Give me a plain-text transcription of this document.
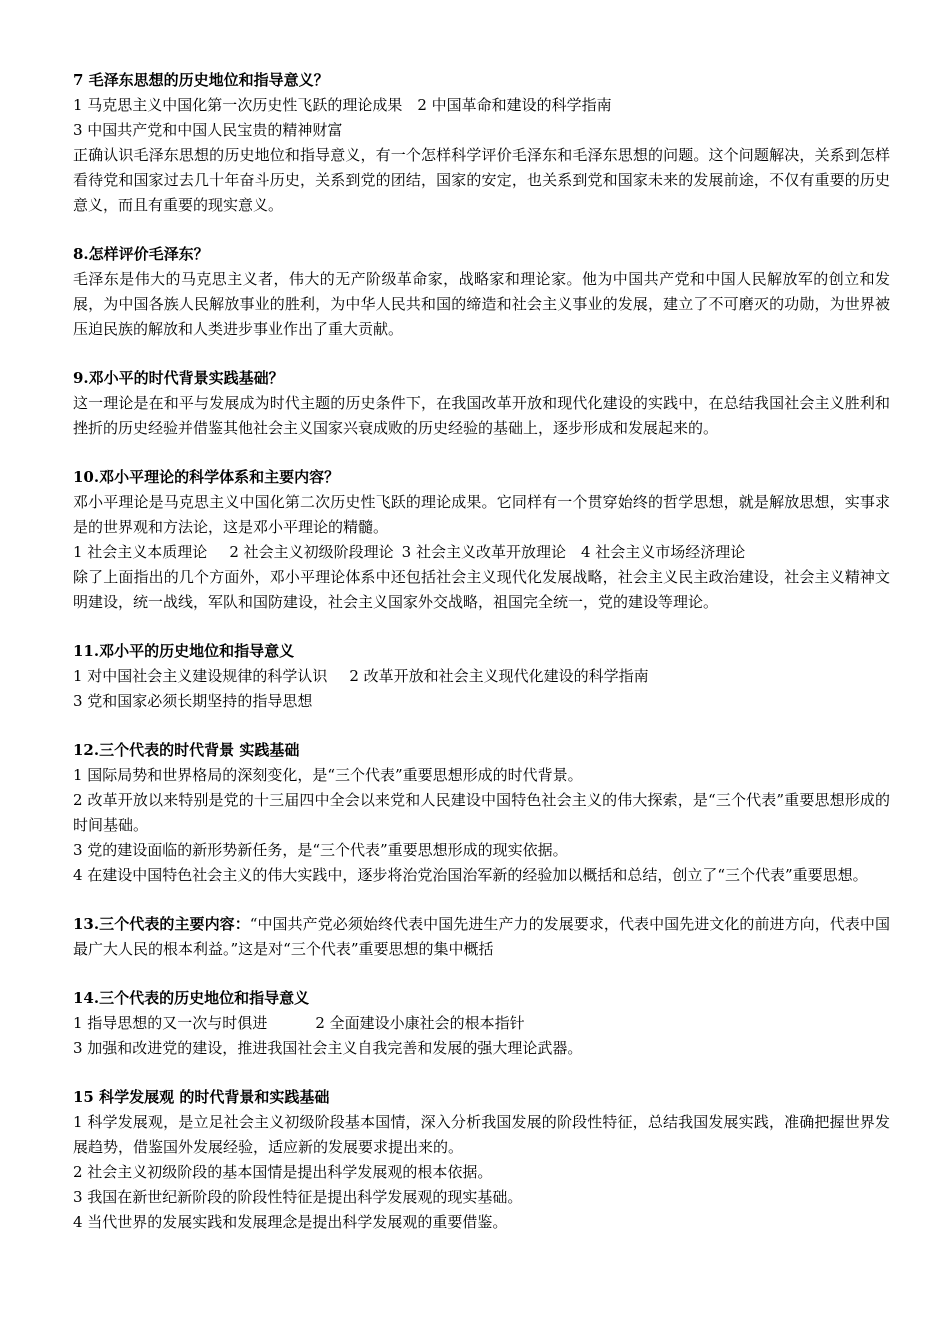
7 毛泽东思想的历史地位和指导意义？
1 马克思主义中国化第一次历史性飞跃的理论成果 2 中国革命和建设的科学指南
3 中国共产党和中国人民宝贵的精神财富
正确认识毛泽东思想的历史地位和指导意义，有一个怎样科学评价毛泽东和毛泽东思想的问题。这个问题解决，关系到怎样看待党和国家过去几十年奋斗历史，关系到党的团结，国家的安定，也关系到党和国家未来的发展前途，不仅有重要的历史意义，而且有重要的现实意义。
8.怎样评价毛泽东？
毛泽东是伟大的马克思主义者，伟大的无产阶级革命家，战略家和理论家。他为中国共产党和中国人民解放军的创立和发展，为中国各族人民解放事业的胜利，为中华人民共和国的缔造和社会主义事业的发展，建立了不可磨灭的功勋，为世界被压迫民族的解放和人类进步事业作出了重大贡献。
9.邓小平的时代背景实践基础？
这一理论是在和平与发展成为时代主题的历史条件下，在我国改革开放和现代化建设的实践中，在总结我国社会主义胜利和挫折的历史经验并借鉴其他社会主义国家兴衰成败的历史经验的基础上，逐步形成和发展起来的。
10.邓小平理论的科学体系和主要内容？
邓小平理论是马克思主义中国化第二次历史性飞跃的理论成果。它同样有一个贯穿始终的哲学思想，就是解放思想，实事求是的世界观和方法论，这是邓小平理论的精髓。
1 社会主义本质理论 2 社会主义初级阶段理论 3 社会主义改革开放理论 4 社会主义市场经济理论
除了上面指出的几个方面外，邓小平理论体系中还包括社会主义现代化发展战略，社会主义民主政治建设，社会主义精神文明建设，统一战线，军队和国防建设，社会主义国家外交战略，祖国完全统一，党的建设等理论。
11.邓小平的历史地位和指导意义
1 对中国社会主义建设规律的科学认识 2 改革开放和社会主义现代化建设的科学指南
3 党和国家必须长期坚持的指导思想
12.三个代表的时代背景 实践基础
1 国际局势和世界格局的深刻变化，是“三个代表”重要思想形成的时代背景。
2 改革开放以来特别是党的十三届四中全会以来党和人民建设中国特色社会主义的伟大探索，是“三个代表”重要思想形成的时间基础。
3 党的建设面临的新形势新任务，是“三个代表”重要思想形成的现实依据。
4 在建设中国特色社会主义的伟大实践中，逐步将治党治国治军新的经验加以概括和总结，创立了“三个代表”重要思想。
13.三个代表的主要内容：“中国共产党必须始终代表中国先进生产力的发展要求，代表中国先进文化的前进方向，代表中国最广大人民的根本利益。”这是对“三个代表”重要思想的集中概括
14.三个代表的历史地位和指导意义
1 指导思想的又一次与时俱进	2 全面建设小康社会的根本指针
3 加强和改进党的建设，推进我国社会主义自我完善和发展的强大理论武器。
15 科学发展观 的时代背景和实践基础
1 科学发展观，是立足社会主义初级阶段基本国情，深入分析我国发展的阶段性特征，总结我国发展实践，准确把握世界发展趋势，借鉴国外发展经验，适应新的发展要求提出来的。
2 社会主义初级阶段的基本国情是提出科学发展观的根本依据。
3 我国在新世纪新阶段的阶段性特征是提出科学发展观的现实基础。
4 当代世界的发展实践和发展理念是提出科学发展观的重要借鉴。
